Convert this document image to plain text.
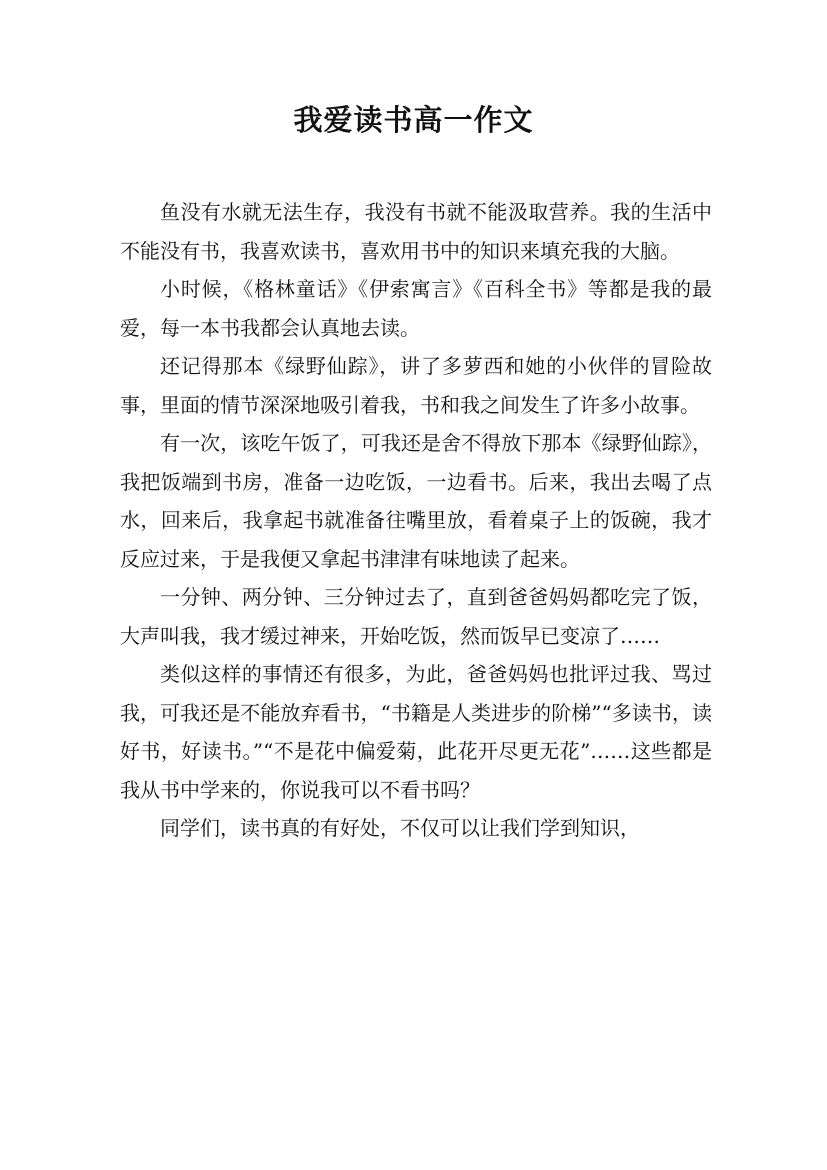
我爱读书高一作文

鱼没有水就无法生存，我没有书就不能汲取营养。我的生活中不能没有书，我喜欢读书，喜欢用书中的知识来填充我的大脑。

小时候，《格林童话》《伊索寓言》《百科全书》等都是我的最爱，每一本书我都会认真地去读。

还记得那本《绿野仙踪》，讲了多萝西和她的小伙伴的冒险故事，里面的情节深深地吸引着我，书和我之间发生了许多小故事。

有一次，该吃午饭了，可我还是舍不得放下那本《绿野仙踪》，我把饭端到书房，准备一边吃饭，一边看书。后来，我出去喝了点水，回来后，我拿起书就准备往嘴里放，看着桌子上的饭碗，我才反应过来，于是我便又拿起书津津有味地读了起来。

一分钟、两分钟、三分钟过去了，直到爸爸妈妈都吃完了饭，大声叫我，我才缓过神来，开始吃饭，然而饭早已变凉了……

类似这样的事情还有很多，为此，爸爸妈妈也批评过我、骂过我，可我还是不能放弃看书，“书籍是人类进步的阶梯”“多读书，读好书，好读书。”“不是花中偏爱菊，此花开尽更无花”……这些都是我从书中学来的，你说我可以不看书吗？

同学们，读书真的有好处，不仅可以让我们学到知识，
